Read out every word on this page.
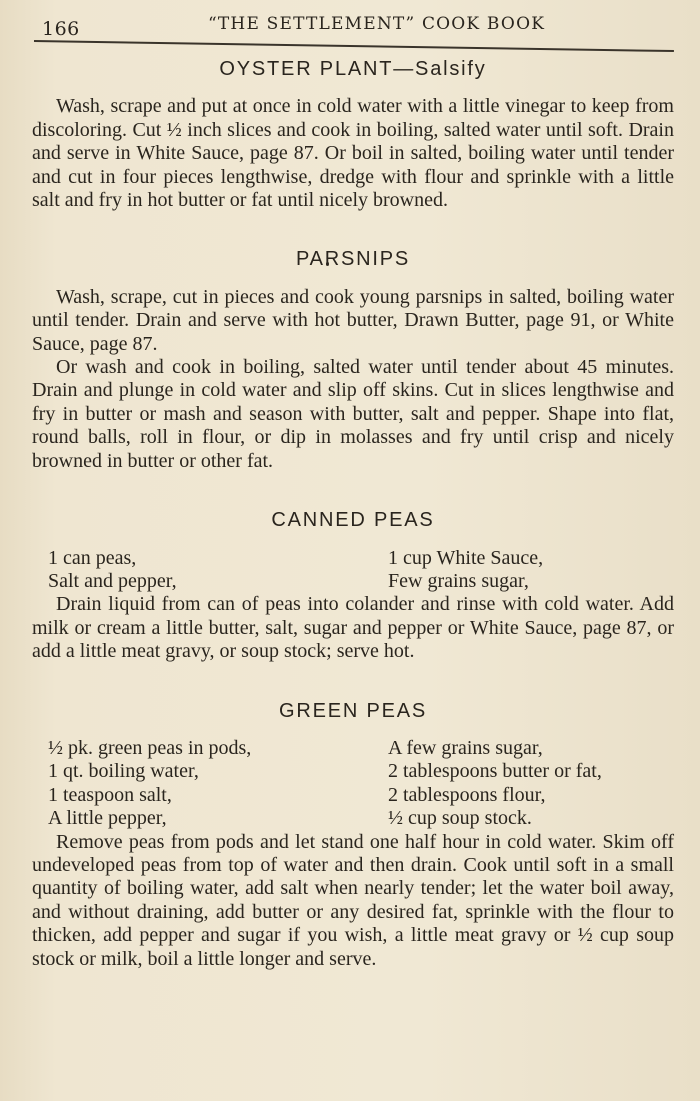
166	“THE SETTLEMENT” COOK BOOK
OYSTER PLANT—Salsify

Wash, scrape and put at once in cold water with a little vinegar to keep from discoloring. Cut ½ inch slices and cook in boiling, salted water until soft. Drain and serve in White Sauce, page 87. Or boil in salted, boiling water until tender and cut in four pieces lengthwise, dredge with flour and sprinkle with a little salt and fry in hot butter or fat until nicely browned.

PARSNIPS

Wash, scrape, cut in pieces and cook young parsnips in salted, boiling water until tender. Drain and serve with hot butter, Drawn Butter, page 91, or White Sauce, page 87.

Or wash and cook in boiling, salted water until tender about 45 minutes. Drain and plunge in cold water and slip off skins. Cut in slices lengthwise and fry in butter or mash and season with butter, salt and pepper. Shape into flat, round balls, roll in flour, or dip in molasses and fry until crisp and nicely browned in butter or other fat.

CANNED PEAS
1 can peas,	1 cup White Sauce,
Salt and pepper,	Few grains sugar,

Drain liquid from can of peas into colander and rinse with cold water. Add milk or cream a little butter, salt, sugar and pepper or White Sauce, page 87, or add a little meat gravy, or soup stock; serve hot.

GREEN PEAS
½ pk. green peas in pods,	A few grains sugar,
1 qt. boiling water,	2 tablespoons butter or fat,
1 teaspoon salt,	2 tablespoons flour,
A little pepper,	½ cup soup stock.

Remove peas from pods and let stand one half hour in cold water. Skim off undeveloped peas from top of water and then drain. Cook until soft in a small quantity of boiling water, add salt when nearly tender; let the water boil away, and without draining, add butter or any desired fat, sprinkle with the flour to thicken, add pepper and sugar if you wish, a little meat gravy or ½ cup soup stock or milk, boil a little longer and serve.
